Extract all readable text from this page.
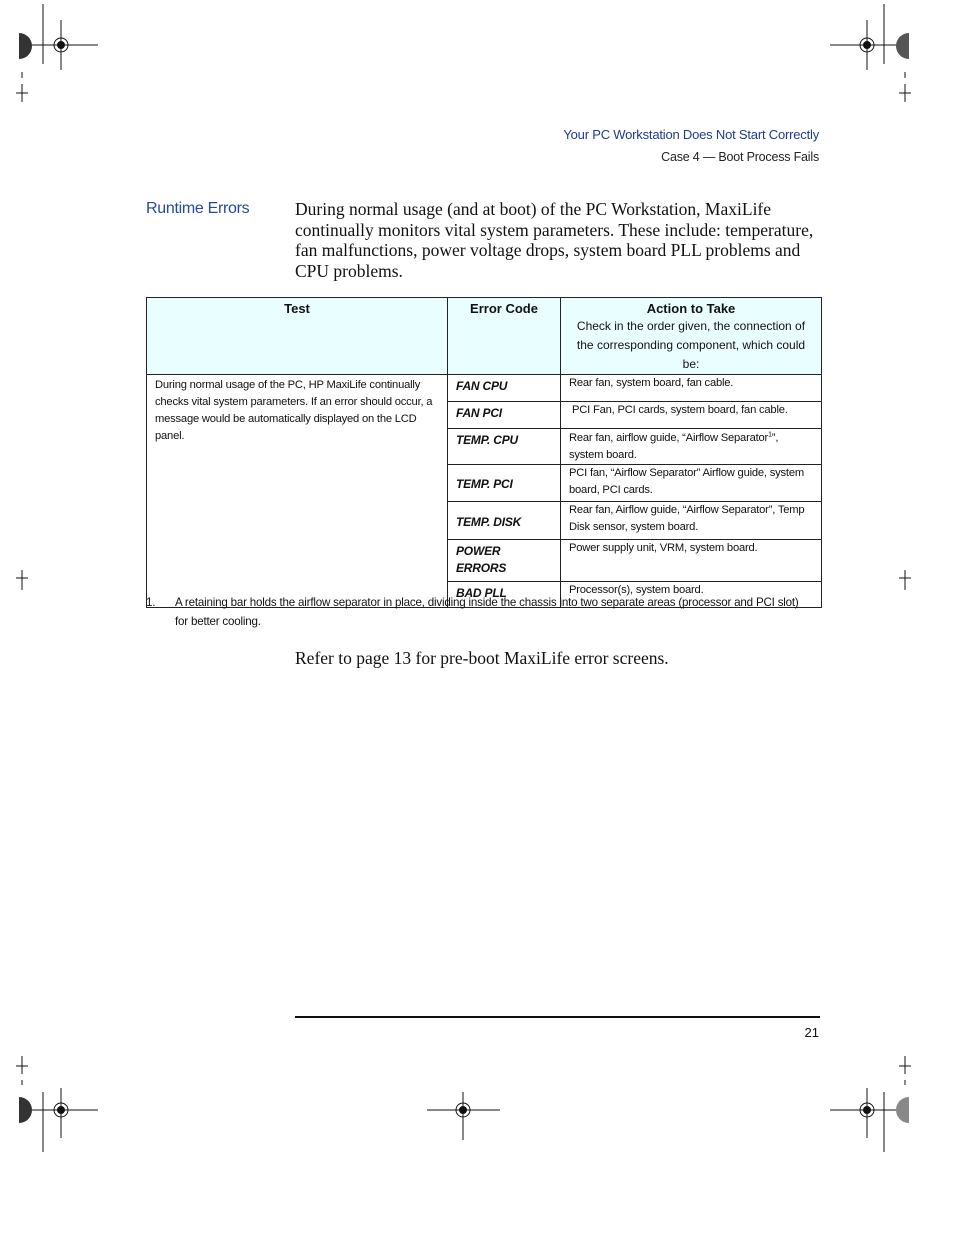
Your PC Workstation Does Not Start Correctly
Case 4 — Boot Process Fails
Runtime Errors	During normal usage (and at boot) of the PC Workstation, MaxiLife continually monitors vital system parameters. These include: temperature, fan malfunctions, power voltage drops, system board PLL problems and CPU problems.
Test	Error Code	Action to Take
Check in the order given, the connection of the corresponding component, which could be:

During normal usage of the PC, HP MaxiLife continually checks vital system parameters. If an error should occur, a message would be automatically displayed on the LCD panel.	FAN CPU	Rear fan, system board, fan cable.

	FAN PCI	PCI Fan, PCI cards, system board, fan cable.

	TEMP. CPU	Rear fan, airflow guide, “Airflow Separator$^1$”, system board.

	TEMP. PCI	PCI fan, “Airflow Separator” Airflow guide, system board, PCI cards.

	TEMP. DISK	Rear fan, Airflow guide, “Airflow Separator”, Temp Disk sensor, system board.

	POWER
ERRORS	Power supply unit, VRM, system board.

	BAD PLL	Processor(s), system board.
1. A retaining bar holds the airflow separator in place, dividing inside the chassis into two separate areas (processor and PCI slot) for better cooling.
Refer to page 13 for pre-boot MaxiLife error screens.
21
